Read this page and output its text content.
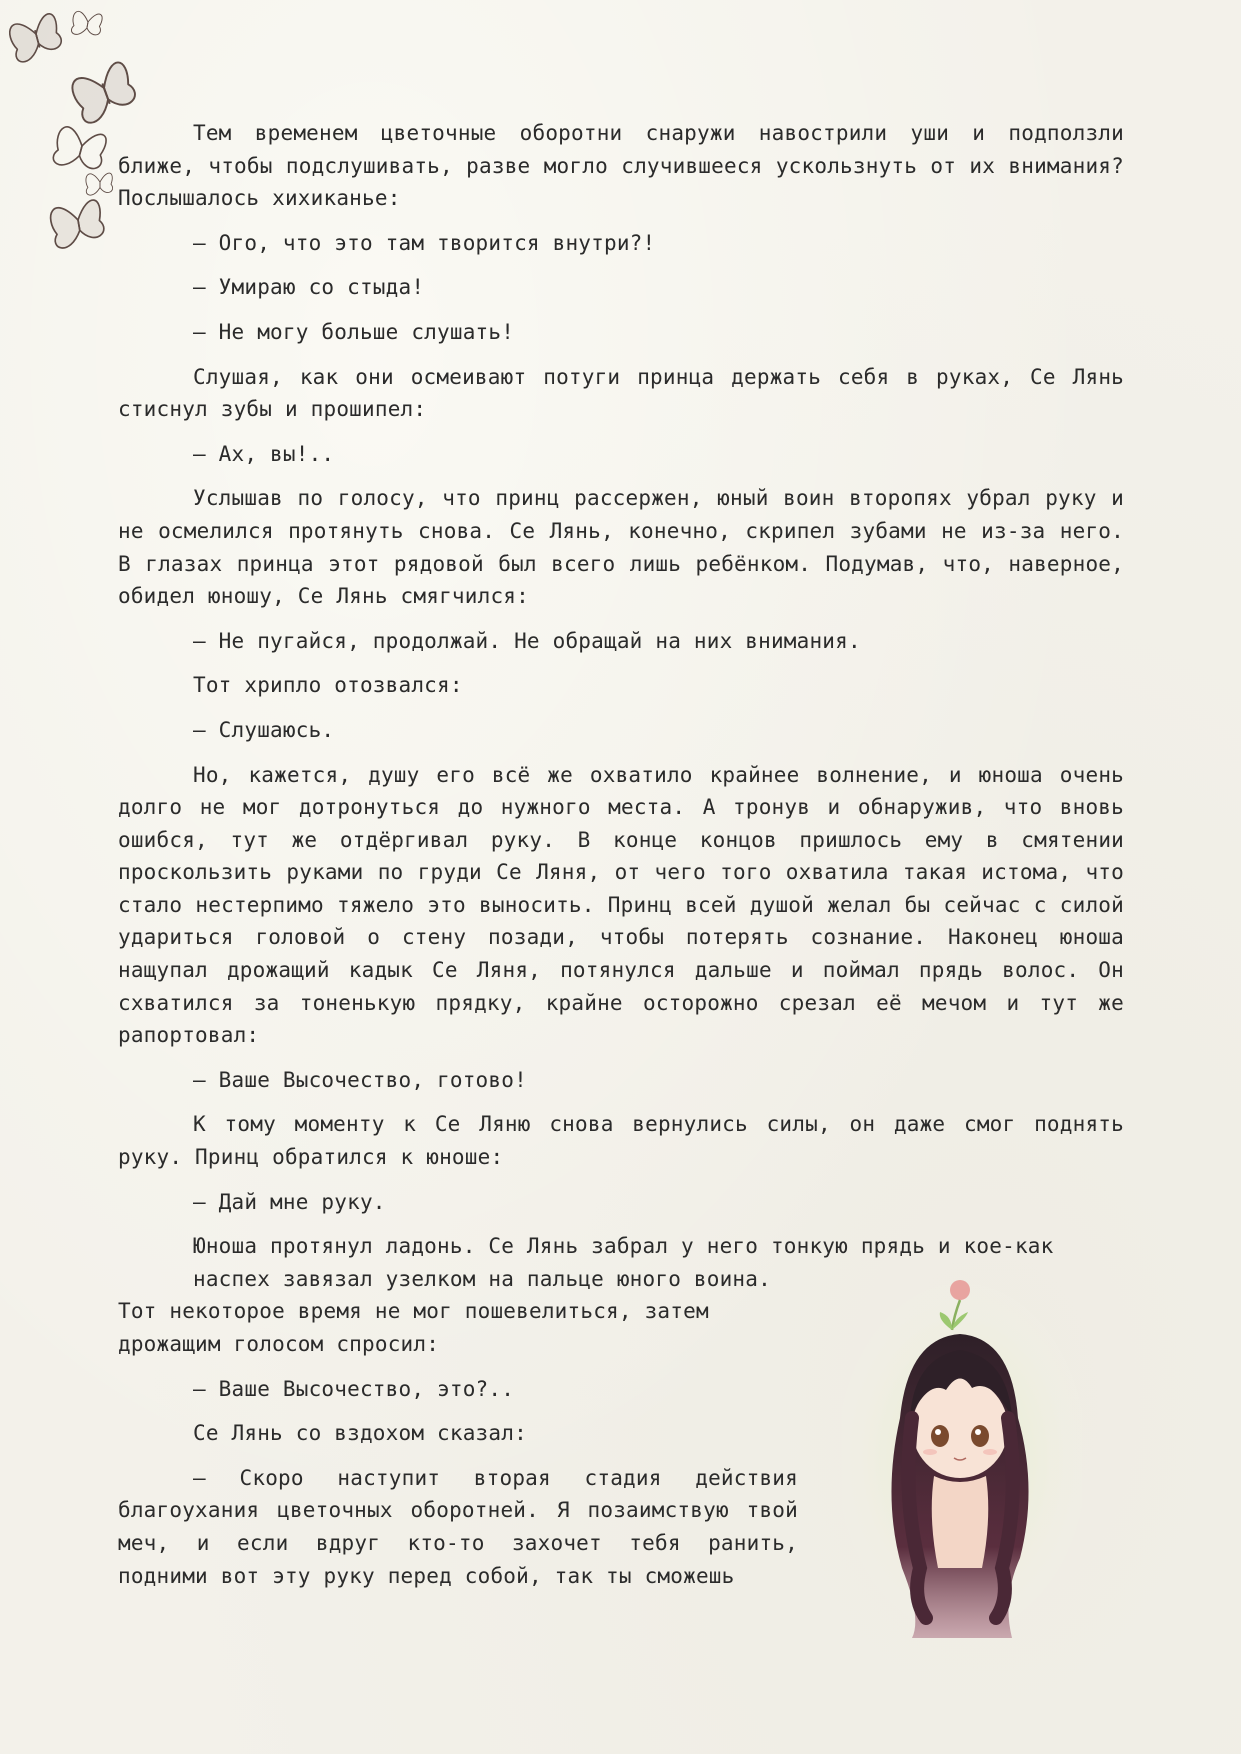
Тем временем цветочные оборотни снаружи навострили уши и подползли ближе, чтобы подслушивать, разве могло случившееся ускользнуть от их внимания? Послышалось хихиканье:

— Ого, что это там творится внутри?!

— Умираю со стыда!

— Не могу больше слушать!

Слушая, как они осмеивают потуги принца держать себя в руках, Се Лянь стиснул зубы и прошипел:

— Ах, вы!..

Услышав по голосу, что принц рассержен, юный воин второпях убрал руку и не осмелился протянуть снова. Се Лянь, конечно, скрипел зубами не из-за него. В глазах принца этот рядовой был всего лишь ребёнком. Подумав, что, наверное, обидел юношу, Се Лянь смягчился:

— Не пугайся, продолжай. Не обращай на них внимания.

Тот хрипло отозвался:

— Слушаюсь.

Но, кажется, душу его всё же охватило крайнее волнение, и юноша очень долго не мог дотронуться до нужного места. А тронув и обнаружив, что вновь ошибся, тут же отдёргивал руку. В конце концов пришлось ему в смятении проскользить руками по груди Се Ляня, от чего того охватила такая истома, что стало нестерпимо тяжело это выносить. Принц всей душой желал бы сейчас с силой удариться головой о стену позади, чтобы потерять сознание. Наконец юноша нащупал дрожащий кадык Се Ляня, потянулся дальше и поймал прядь волос. Он схватился за тоненькую прядку, крайне осторожно срезал её мечом и тут же рапортовал:

— Ваше Высочество, готово!

К тому моменту к Се Ляню снова вернулись силы, он даже смог поднять руку. Принц обратился к юноше:

— Дай мне руку.

Юноша протянул ладонь. Се Лянь забрал у него тонкую прядь и кое-как
наспех завязал узелком на пальце юного воина.
Тот некоторое время не мог пошевелиться, затем
дрожащим голосом спросил:

— Ваше Высочество, это?..

Се Лянь со вздохом сказал:

— Скоро наступит вторая стадия действия благоухания цветочных оборотней. Я позаимствую твой меч, и если вдруг кто-то захочет тебя ранить, подними вот эту руку перед собой, так ты сможешь
